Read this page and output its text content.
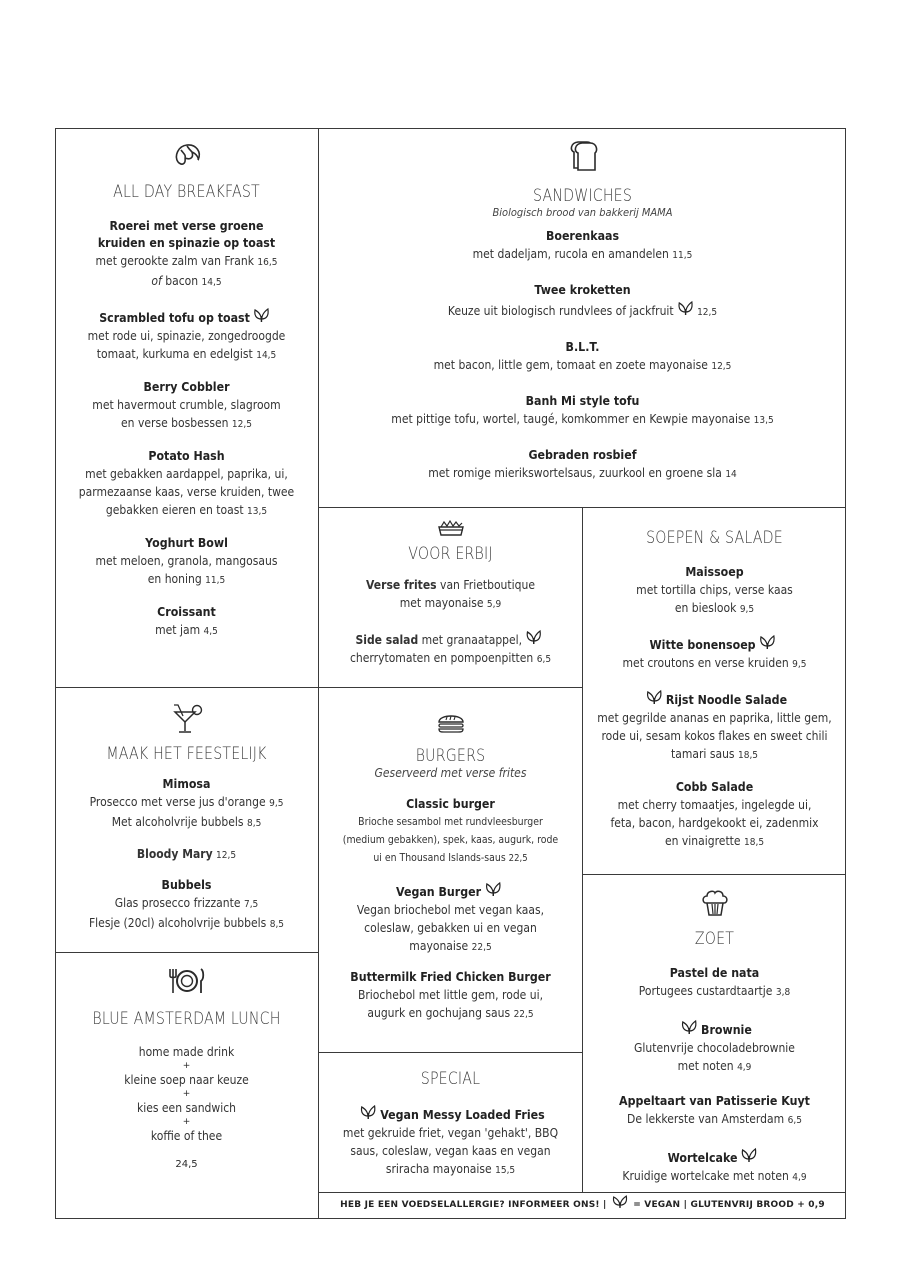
ALL DAY BREAKFAST
Roerei met verse groene
kruiden en spinazie op toast
met gerookte zalm van Frank 16,5
of bacon 14,5
Scrambled tofu op toast
met rode ui, spinazie, zongedroogde
tomaat, kurkuma en edelgist 14,5
Berry Cobbler
met havermout crumble, slagroom
en verse bosbessen 12,5
Potato Hash
met gebakken aardappel, paprika, ui,
parmezaanse kaas, verse kruiden, twee
gebakken eieren en toast 13,5
Yoghurt Bowl
met meloen, granola, mangosaus
en honing 11,5
Croissant
met jam 4,5
SANDWICHES
Biologisch brood van bakkerij MAMA
Boerenkaas
met dadeljam, rucola en amandelen 11,5
Twee kroketten
Keuze uit biologisch rundvlees of jackfruit 12,5
B.L.T.
met bacon, little gem, tomaat en zoete mayonaise 12,5
Banh Mi style tofu
met pittige tofu, wortel, taugé, komkommer en Kewpie mayonaise 13,5
Gebraden rosbief
met romige mierikswortelsaus, zuurkool en groene sla 14
VOOR ERBIJ
Verse frites van Frietboutique
met mayonaise 5,9
Side salad met granaatappel,
cherrytomaten en pompoenpitten 6,5
SOEPEN & SALADE
Maissoep
met tortilla chips, verse kaas
en bieslook 9,5
Witte bonensoep
met croutons en verse kruiden 9,5
Rijst Noodle Salade
met gegrilde ananas en paprika, little gem,
rode ui, sesam kokos flakes en sweet chili
tamari saus 18,5
Cobb Salade
met cherry tomaatjes, ingelegde ui,
feta, bacon, hardgekookt ei, zadenmix
en vinaigrette 18,5
MAAK HET FEESTELIJK
Mimosa
Prosecco met verse jus d'orange 9,5
Met alcoholvrije bubbels 8,5
Bloody Mary 12,5
Bubbels
Glas prosecco frizzante 7,5
Flesje (20cl) alcoholvrije bubbels 8,5
BURGERS
Geserveerd met verse frites
Classic burger
Brioche sesambol met rundvleesburger
(medium gebakken), spek, kaas, augurk, rode
ui en Thousand Islands-saus 22,5
Vegan Burger
Vegan briochebol met vegan kaas,
coleslaw, gebakken ui en vegan
mayonaise 22,5
Buttermilk Fried Chicken Burger
Briochebol met little gem, rode ui,
augurk en gochujang saus 22,5
BLUE AMSTERDAM LUNCH
home made drink
+
kleine soep naar keuze
+
kies een sandwich
+
koffie of thee
24,5
SPECIAL
Vegan Messy Loaded Fries
met gekruide friet, vegan 'gehakt', BBQ
saus, coleslaw, vegan kaas en vegan
sriracha mayonaise 15,5
ZOET
Pastel de nata
Portugees custardtaartje 3,8
Brownie
Glutenvrije chocoladebrownie
met noten 4,9
Appeltaart van Patisserie Kuyt
De lekkerste van Amsterdam 6,5
Wortelcake
Kruidige wortelcake met noten 4,9
HEB JE EEN VOEDSELALLERGIE? INFORMEER ONS! |	= VEGAN | GLUTENVRIJ BROOD + 0,9
